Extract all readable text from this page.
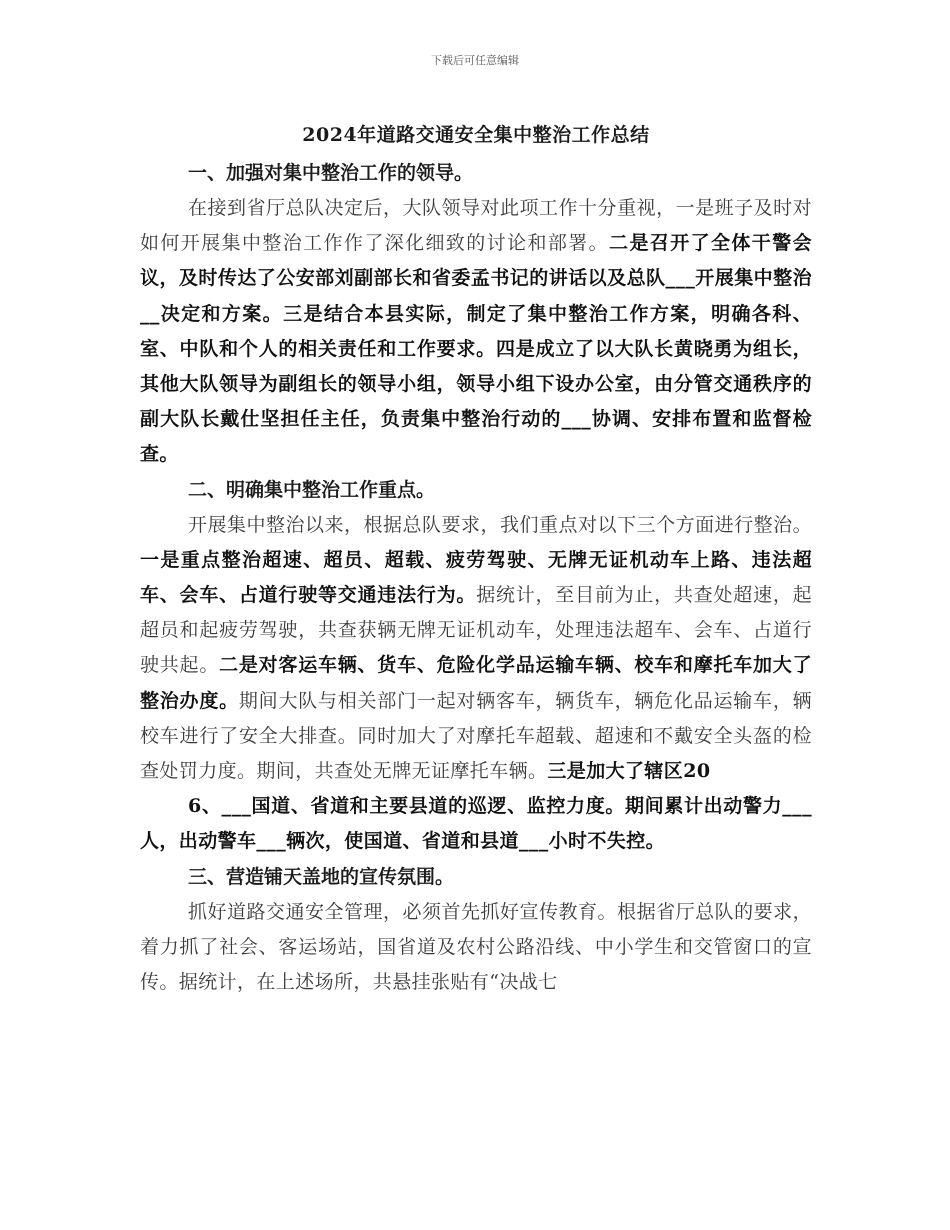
下载后可任意编辑
2024年道路交通安全集中整治工作总结
一、加强对集中整治工作的领导。

在接到省厅总队决定后，大队领导对此项工作十分重视，一是班子及时对如何开展集中整治工作作了深化细致的讨论和部署。二是召开了全体干警会议，及时传达了公安部刘副部长和省委孟书记的讲话以及总队___开展集中整治__决定和方案。三是结合本县实际，制定了集中整治工作方案，明确各科、室、中队和个人的相关责任和工作要求。四是成立了以大队长黄晓勇为组长，其他大队领导为副组长的领导小组，领导小组下设办公室，由分管交通秩序的副大队长戴仕坚担任主任，负责集中整治行动的___协调、安排布置和监督检查。

二、明确集中整治工作重点。

开展集中整治以来，根据总队要求，我们重点对以下三个方面进行整治。一是重点整治超速、超员、超载、疲劳驾驶、无牌无证机动车上路、违法超车、会车、占道行驶等交通违法行为。据统计，至目前为止，共查处超速，起超员和起疲劳驾驶，共查获辆无牌无证机动车，处理违法超车、会车、占道行驶共起。二是对客运车辆、货车、危险化学品运输车辆、校车和摩托车加大了整治办度。期间大队与相关部门一起对辆客车，辆货车，辆危化品运输车，辆校车进行了安全大排查。同时加大了对摩托车超载、超速和不戴安全头盔的检查处罚力度。期间，共查处无牌无证摩托车辆。三是加大了辖区20

6、___国道、省道和主要县道的巡逻、监控力度。期间累计出动警力___人，出动警车___辆次，使国道、省道和县道___小时不失控。

三、营造铺天盖地的宣传氛围。

抓好道路交通安全管理，必须首先抓好宣传教育。根据省厅总队的要求，着力抓了社会、客运场站，国省道及农村公路沿线、中小学生和交管窗口的宣传。据统计，在上述场所，共悬挂张贴有“决战七
